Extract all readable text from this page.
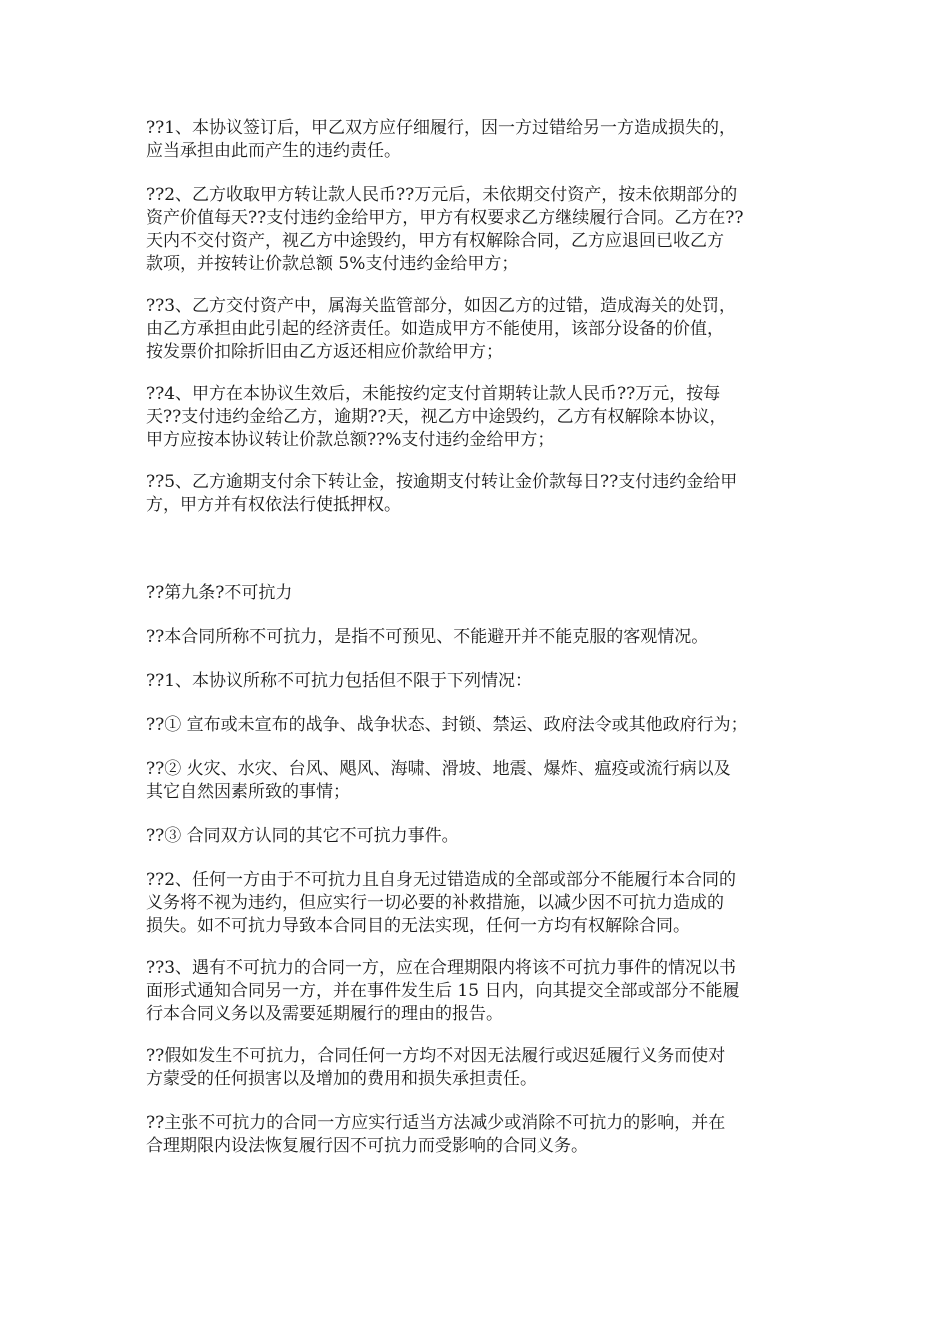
??1、本协议签订后，甲乙双方应仔细履行，因一方过错给另一方造成损失的，
应当承担由此而产生的违约责任。
??2、乙方收取甲方转让款人民币??万元后，未依期交付资产，按未依期部分的
资产价值每天??支付违约金给甲方，甲方有权要求乙方继续履行合同。乙方在??
天内不交付资产，视乙方中途毁约，甲方有权解除合同，乙方应退回已收乙方
款项，并按转让价款总额 5%支付违约金给甲方；
??3、乙方交付资产中，属海关监管部分，如因乙方的过错，造成海关的处罚，
由乙方承担由此引起的经济责任。如造成甲方不能使用，该部分设备的价值，
按发票价扣除折旧由乙方返还相应价款给甲方；
??4、甲方在本协议生效后，未能按约定支付首期转让款人民币??万元，按每
天??支付违约金给乙方，逾期??天，视乙方中途毁约，乙方有权解除本协议，
甲方应按本协议转让价款总额??%支付违约金给甲方；
??5、乙方逾期支付余下转让金，按逾期支付转让金价款每日??支付违约金给甲
方，甲方并有权依法行使抵押权。
??第九条?不可抗力
??本合同所称不可抗力，是指不可预见、不能避开并不能克服的客观情况。
??1、本协议所称不可抗力包括但不限于下列情况：
??① 宣布或未宣布的战争、战争状态、封锁、禁运、政府法令或其他政府行为；
??② 火灾、水灾、台风、飓风、海啸、滑坡、地震、爆炸、瘟疫或流行病以及
其它自然因素所致的事情；
??③ 合同双方认同的其它不可抗力事件。
??2、任何一方由于不可抗力且自身无过错造成的全部或部分不能履行本合同的
义务将不视为违约，但应实行一切必要的补救措施，以减少因不可抗力造成的
损失。如不可抗力导致本合同目的无法实现，任何一方均有权解除合同。
??3、遇有不可抗力的合同一方，应在合理期限内将该不可抗力事件的情况以书
面形式通知合同另一方，并在事件发生后 15 日内，向其提交全部或部分不能履
行本合同义务以及需要延期履行的理由的报告。
??假如发生不可抗力，合同任何一方均不对因无法履行或迟延履行义务而使对
方蒙受的任何损害以及增加的费用和损失承担责任。
??主张不可抗力的合同一方应实行适当方法减少或消除不可抗力的影响，并在
合理期限内设法恢复履行因不可抗力而受影响的合同义务。
